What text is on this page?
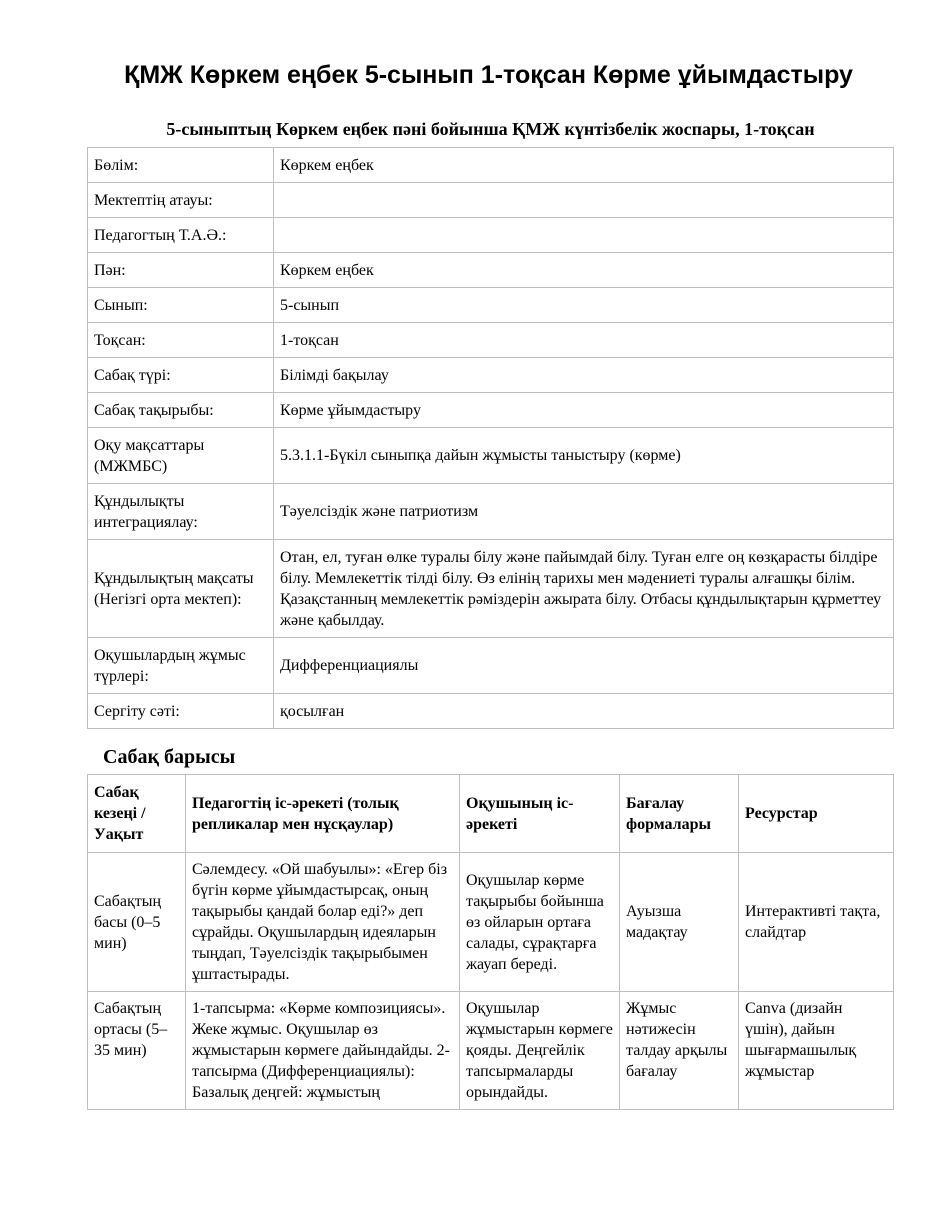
ҚМЖ Көркем еңбек 5-сынып 1-тоқсан Көрме ұйымдастыру
5-сыныптың Көркем еңбек пәні бойынша ҚМЖ күнтізбелік жоспары, 1-тоқсан
Бөлім:	Көркем еңбек
Мектептің атауы:	
Педагогтың Т.А.Ә.:	
Пән:	Көркем еңбек
Сынып:	5-сынып
Тоқсан:	1-тоқсан
Сабақ түрі:	Білімді бақылау
Сабақ тақырыбы:	Көрме ұйымдастыру
Оқу мақсаттары (МЖМБС)	5.3.1.1-Бүкіл сыныпқа дайын жұмысты таныстыру (көрме)
Құндылықты интеграциялау:	Тәуелсіздік және патриотизм
Құндылықтың мақсаты (Негізгі орта мектеп):	Отан, ел, туған өлке туралы білу және пайымдай білу. Туған елге оң көзқарасты білдіре білу. Мемлекеттік тілді білу. Өз елінің тарихы мен мәдениеті туралы алғашқы білім. Қазақстанның мемлекеттік рәміздерін ажырата білу. Отбасы құндылықтарын құрметтеу және қабылдау.
Оқушылардың жұмыс түрлері:	Дифференциациялы
Сергіту сәті:	қосылған
Сабақ барысы
Сабақ кезеңі / Уақыт	Педагогтің іс-әрекеті (толық репликалар мен нұсқаулар)	Оқушының іс-әрекеті	Бағалау формалары	Ресурстар
Сабақтың басы (0–5 мин)	Сәлемдесу. «Ой шабуылы»: «Егер біз бүгін көрме ұйымдастырсақ, оның тақырыбы қандай болар еді?» деп сұрайды. Оқушылардың идеяларын тыңдап, Тәуелсіздік тақырыбымен ұштастырады.	Оқушылар көрме тақырыбы бойынша өз ойларын ортаға салады, сұрақтарға жауап береді.	Ауызша мадақтау	Интерактивті тақта, слайдтар
Сабақтың ортасы (5–35 мин)	1-тапсырма: «Көрме композициясы». Жеке жұмыс. Оқушылар өз жұмыстарын көрмеге дайындайды. 2-тапсырма (Дифференциациялы): Базалық деңгей: жұмыстың	Оқушылар жұмыстарын көрмеге қояды. Деңгейлік тапсырмаларды орындайды.	Жұмыс нәтижесін талдау арқылы бағалау	Canva (дизайн үшін), дайын шығармашылық жұмыстар
